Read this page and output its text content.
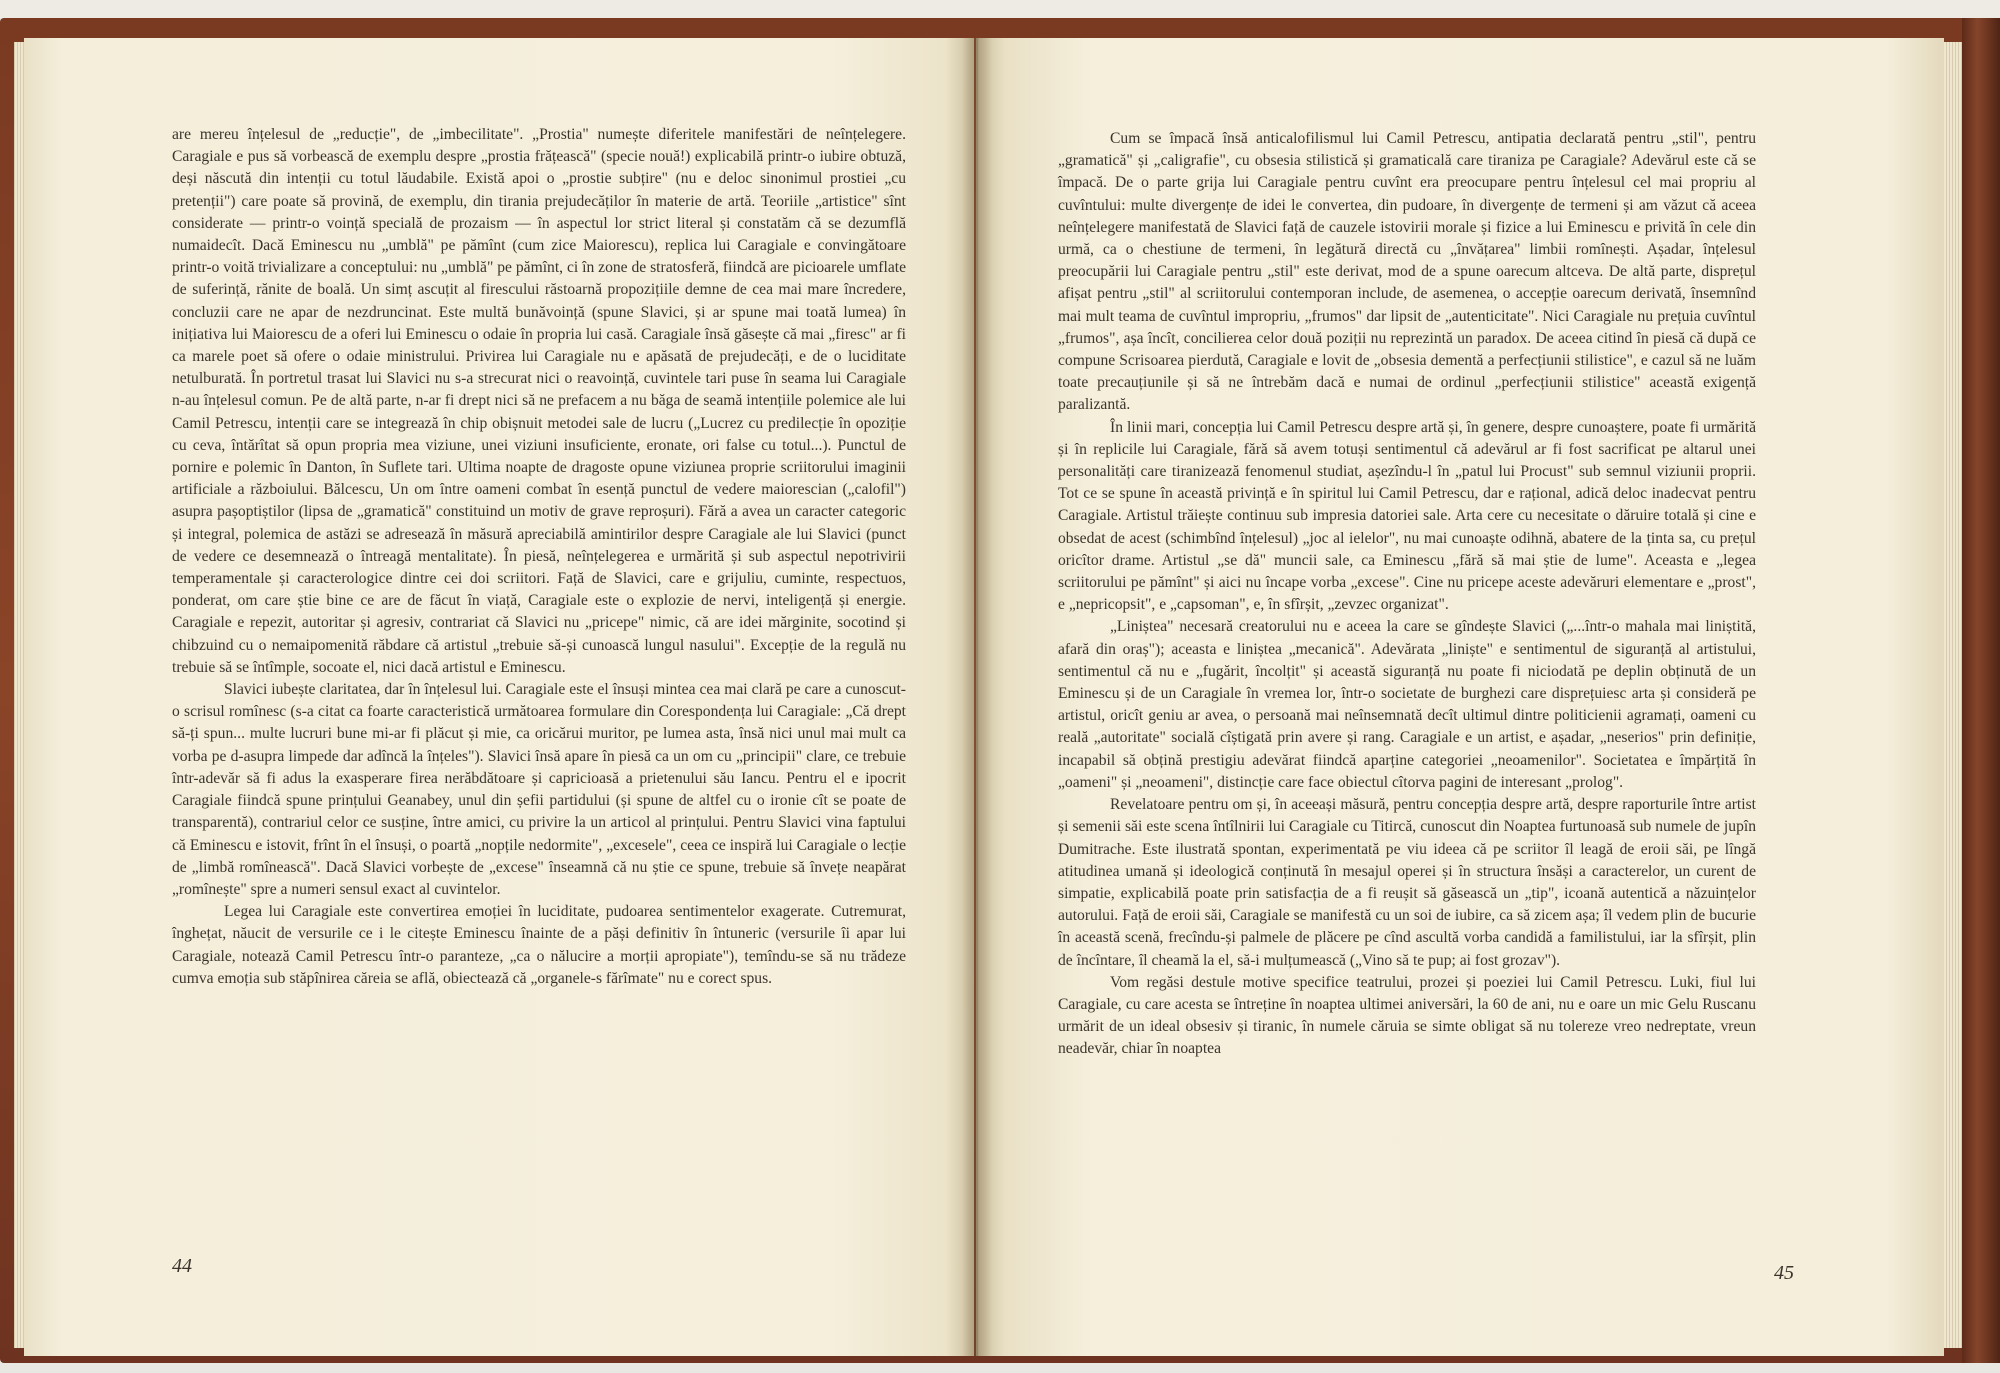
are mereu înțelesul de „reducție", de „imbecilitate". „Prostia" numește diferitele manifestări de neînțelegere. Caragiale e pus să vorbească de exemplu despre „prostia frățească" (specie nouă!) explicabilă printr-o iubire obtuză, deși născută din intenții cu totul lăudabile. Există apoi o „prostie subțire" (nu e deloc sinonimul prostiei „cu pretenții") care poate să provină, de exemplu, din tirania prejudecăților în materie de artă. Teoriile „artistice" sînt considerate — printr-o voință specială de prozaism — în aspectul lor strict literal și constatăm că se dezumflă numaidecît. Dacă Eminescu nu „umblă" pe pămînt (cum zice Maiorescu), replica lui Caragiale e convingătoare printr-o voită trivializare a conceptului: nu „umblă" pe pămînt, ci în zone de stratosferă, fiindcă are picioarele umflate de suferință, rănite de boală. Un simț ascuțit al firescului răstoarnă propozițiile demne de cea mai mare încredere, concluzii care ne apar de nezdruncinat. Este multă bunăvoință (spune Slavici, și ar spune mai toată lumea) în inițiativa lui Maiorescu de a oferi lui Eminescu o odaie în propria lui casă. Caragiale însă găsește că mai „firesc" ar fi ca marele poet să ofere o odaie ministrului. Privirea lui Caragiale nu e apăsată de prejudecăți, e de o luciditate netulburată. În portretul trasat lui Slavici nu s-a strecurat nici o reavoință, cuvintele tari puse în seama lui Caragiale n-au înțelesul comun. Pe de altă parte, n-ar fi drept nici să ne prefacem a nu băga de seamă intențiile polemice ale lui Camil Petrescu, intenții care se integrează în chip obișnuit metodei sale de lucru („Lucrez cu predilecție în opoziție cu ceva, întărîtat să opun propria mea viziune, unei viziuni insuficiente, eronate, ori false cu totul...). Punctul de pornire e polemic în Danton, în Suflete tari. Ultima noapte de dragoste opune viziunea proprie scriitorului imaginii artificiale a războiului. Bălcescu, Un om între oameni combat în esență punctul de vedere maiorescian („calofil") asupra pașoptiștilor (lipsa de „gramatică" constituind un motiv de grave reproșuri). Fără a avea un caracter categoric și integral, polemica de astăzi se adresează în măsură apreciabilă amintirilor despre Caragiale ale lui Slavici (punct de vedere ce desemnează o întreagă mentalitate). În piesă, neînțelegerea e urmărită și sub aspectul nepotrivirii temperamentale și caracterologice dintre cei doi scriitori. Față de Slavici, care e grijuliu, cuminte, respectuos, ponderat, om care știe bine ce are de făcut în viață, Caragiale este o explozie de nervi, inteligență și energie. Caragiale e repezit, autoritar și agresiv, contrariat că Slavici nu „pricepe" nimic, că are idei mărginite, socotind și chibzuind cu o nemaipomenită răbdare că artistul „trebuie să-și cunoască lungul nasului". Excepție de la regulă nu trebuie să se întîmple, socoate el, nici dacă artistul e Eminescu.

Slavici iubește claritatea, dar în înțelesul lui. Caragiale este el însuși mintea cea mai clară pe care a cunoscut-o scrisul romînesc (s-a citat ca foarte caracteristică următoarea formulare din Corespondența lui Caragiale: „Că drept să-ți spun... multe lucruri bune mi-ar fi plăcut și mie, ca oricărui muritor, pe lumea asta, însă nici unul mai mult ca vorba pe d-asupra limpede dar adîncă la înțeles"). Slavici însă apare în piesă ca un om cu „principii" clare, ce trebuie într-adevăr să fi adus la exasperare firea nerăbdătoare și capricioasă a prietenului său Iancu. Pentru el e ipocrit Caragiale fiindcă spune prințului Geanabey, unul din șefii partidului (și spune de altfel cu o ironie cît se poate de transparentă), contrariul celor ce susține, între amici, cu privire la un articol al prințului. Pentru Slavici vina faptului că Eminescu e istovit, frînt în el însuși, o poartă „nopțile nedormite", „excesele", ceea ce inspiră lui Caragiale o lecție de „limbă romînească". Dacă Slavici vorbește de „excese" înseamnă că nu știe ce spune, trebuie să învețe neapărat „romînește" spre a numeri sensul exact al cuvintelor.

Legea lui Caragiale este convertirea emoției în luciditate, pudoarea sentimentelor exagerate. Cutremurat, înghețat, năucit de versurile ce i le citește Eminescu înainte de a păși definitiv în întuneric (versurile îi apar lui Caragiale, notează Camil Petrescu într-o paranteze, „ca o nălucire a morții apropiate"), temîndu-se să nu trădeze cumva emoția sub stăpînirea căreia se află, obiectează că „organele-s fărîmate" nu e corect spus.

44

Cum se împacă însă anticalofilismul lui Camil Petrescu, antipatia declarată pentru „stil", pentru „gramatică" și „caligrafie", cu obsesia stilistică și gramaticală care tiraniza pe Caragiale? Adevărul este că se împacă. De o parte grija lui Caragiale pentru cuvînt era preocupare pentru înțelesul cel mai propriu al cuvîntului: multe divergențe de idei le convertea, din pudoare, în divergențe de termeni și am văzut că aceea neînțelegere manifestată de Slavici față de cauzele istovirii morale și fizice a lui Eminescu e privită în cele din urmă, ca o chestiune de termeni, în legătură directă cu „învățarea" limbii romînești. Așadar, înțelesul preocupării lui Caragiale pentru „stil" este derivat, mod de a spune oarecum altceva. De altă parte, disprețul afișat pentru „stil" al scriitorului contemporan include, de asemenea, o accepție oarecum derivată, însemnînd mai mult teama de cuvîntul impropriu, „frumos" dar lipsit de „autenticitate". Nici Caragiale nu prețuia cuvîntul „frumos", așa încît, concilierea celor două poziții nu reprezintă un paradox. De aceea citind în piesă că după ce compune Scrisoarea pierdută, Caragiale e lovit de „obsesia dementă a perfecțiunii stilistice", e cazul să ne luăm toate precauțiunile și să ne întrebăm dacă e numai de ordinul „perfecțiunii stilistice" această exigență paralizantă.

În linii mari, concepția lui Camil Petrescu despre artă și, în genere, despre cunoaștere, poate fi urmărită și în replicile lui Caragiale, fără să avem totuși sentimentul că adevărul ar fi fost sacrificat pe altarul unei personalități care tiranizează fenomenul studiat, așezîndu-l în „patul lui Procust" sub semnul viziunii proprii. Tot ce se spune în această privință e în spiritul lui Camil Petrescu, dar e rațional, adică deloc inadecvat pentru Caragiale. Artistul trăiește continuu sub impresia datoriei sale. Arta cere cu necesitate o dăruire totală și cine e obsedat de acest (schimbînd înțelesul) „joc al ielelor", nu mai cunoaște odihnă, abatere de la ținta sa, cu prețul oricîtor drame. Artistul „se dă" muncii sale, ca Eminescu „fără să mai știe de lume". Aceasta e „legea scriitorului pe pămînt" și aici nu încape vorba „excese". Cine nu pricepe aceste adevăruri elementare e „prost", e „nepricopsit", e „capsoman", e, în sfîrșit, „zevzec organizat".

„Liniștea" necesară creatorului nu e aceea la care se gîndește Slavici („...într-o mahala mai liniștită, afară din oraș"); aceasta e liniștea „mecanică". Adevărata „liniște" e sentimentul de siguranță al artistului, sentimentul că nu e „fugărit, încolțit" și această siguranță nu poate fi niciodată pe deplin obținută de un Eminescu și de un Caragiale în vremea lor, într-o societate de burghezi care disprețuiesc arta și consideră pe artistul, oricît geniu ar avea, o persoană mai neînsemnată decît ultimul dintre politicienii agramați, oameni cu reală „autoritate" socială cîștigată prin avere și rang. Caragiale e un artist, e așadar, „neserios" prin definiție, incapabil să obțină prestigiu adevărat fiindcă aparține categoriei „neoamenilor". Societatea e împărțită în „oameni" și „neoameni", distincție care face obiectul cîtorva pagini de interesant „prolog".

Revelatoare pentru om și, în aceeași măsură, pentru concepția despre artă, despre raporturile între artist și semenii săi este scena întîlnirii lui Caragiale cu Titircă, cunoscut din Noaptea furtunoasă sub numele de jupîn Dumitrache. Este ilustrată spontan, experimentată pe viu ideea că pe scriitor îl leagă de eroii săi, pe lîngă atitudinea umană și ideologică conținută în mesajul operei și în structura însăși a caracterelor, un curent de simpatie, explicabilă poate prin satisfacția de a fi reușit să găsească un „tip", icoană autentică a năzuințelor autorului. Față de eroii săi, Caragiale se manifestă cu un soi de iubire, ca să zicem așa; îl vedem plin de bucurie în această scenă, frecîndu-și palmele de plăcere pe cînd ascultă vorba candidă a familistului, iar la sfîrșit, plin de încîntare, îl cheamă la el, să-i mulțumească („Vino să te pup; ai fost grozav").

Vom regăsi destule motive specifice teatrului, prozei și poeziei lui Camil Petrescu. Luki, fiul lui Caragiale, cu care acesta se întreține în noaptea ultimei aniversări, la 60 de ani, nu e oare un mic Gelu Ruscanu urmărit de un ideal obsesiv și tiranic, în numele căruia se simte obligat să nu tolereze vreo nedreptate, vreun neadevăr, chiar în noaptea

45
